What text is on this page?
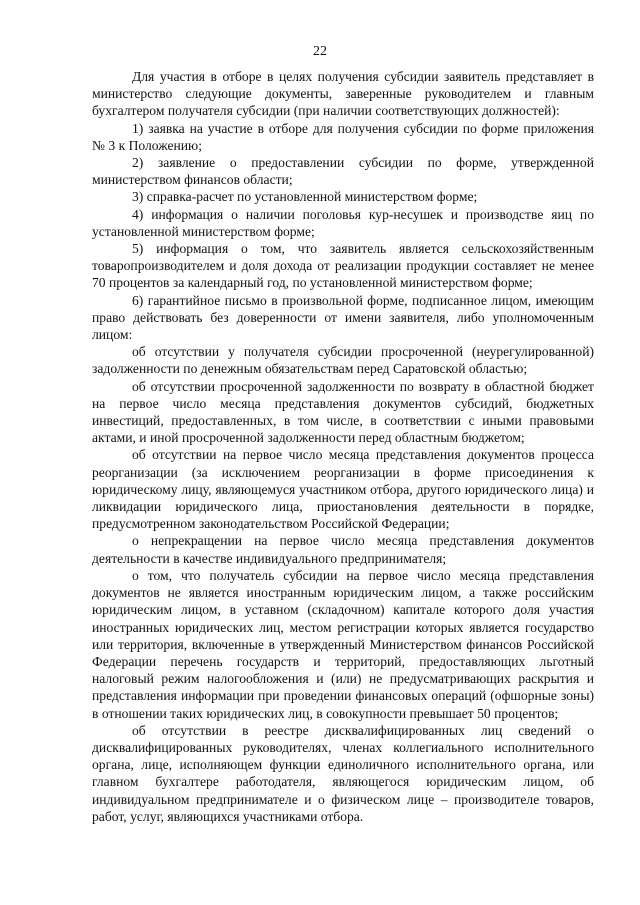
22

Для участия в отборе в целях получения субсидии заявитель представляет в министерство следующие документы, заверенные руководителем и главным бухгалтером получателя субсидии (при наличии соответствующих должностей):

1) заявка на участие в отборе для получения субсидии по форме приложения № 3 к Положению;

2) заявление о предоставлении субсидии по форме, утвержденной министерством финансов области;

3) справка-расчет по установленной министерством форме;

4) информация о наличии поголовья кур-несушек и производстве яиц по установленной министерством форме;

5) информация о том, что заявитель является сельскохозяйственным товаропроизводителем и доля дохода от реализации продукции составляет не менее 70 процентов за календарный год, по установленной министерством форме;

6) гарантийное письмо в произвольной форме, подписанное лицом, имеющим право действовать без доверенности от имени заявителя, либо уполномоченным лицом:

об отсутствии у получателя субсидии просроченной (неурегулированной) задолженности по денежным обязательствам перед Саратовской областью;

об отсутствии просроченной задолженности по возврату в областной бюджет на первое число месяца представления документов субсидий, бюджетных инвестиций, предоставленных, в том числе, в соответствии с иными правовыми актами, и иной просроченной задолженности перед областным бюджетом;

об отсутствии на первое число месяца представления документов процесса реорганизации (за исключением реорганизации в форме присоединения к юридическому лицу, являющемуся участником отбора, другого юридического лица) и ликвидации юридического лица, приостановления деятельности в порядке, предусмотренном законодательством Российской Федерации;

о непрекращении на первое число месяца представления документов деятельности в качестве индивидуального предпринимателя;

о том, что получатель субсидии на первое число месяца представления документов не является иностранным юридическим лицом, а также российским юридическим лицом, в уставном (складочном) капитале которого доля участия иностранных юридических лиц, местом регистрации которых является государство или территория, включенные в утвержденный Министерством финансов Российской Федерации перечень государств и территорий, предоставляющих льготный налоговый режим налогообложения и (или) не предусматривающих раскрытия и представления информации при проведении финансовых операций (офшорные зоны) в отношении таких юридических лиц, в совокупности превышает 50 процентов;

об отсутствии в реестре дисквалифицированных лиц сведений о дисквалифицированных руководителях, членах коллегиального исполнительного органа, лице, исполняющем функции единоличного исполнительного органа, или главном бухгалтере работодателя, являющегося юридическим лицом, об индивидуальном предпринимателе и о физическом лице – производителе товаров, работ, услуг, являющихся участниками отбора.
